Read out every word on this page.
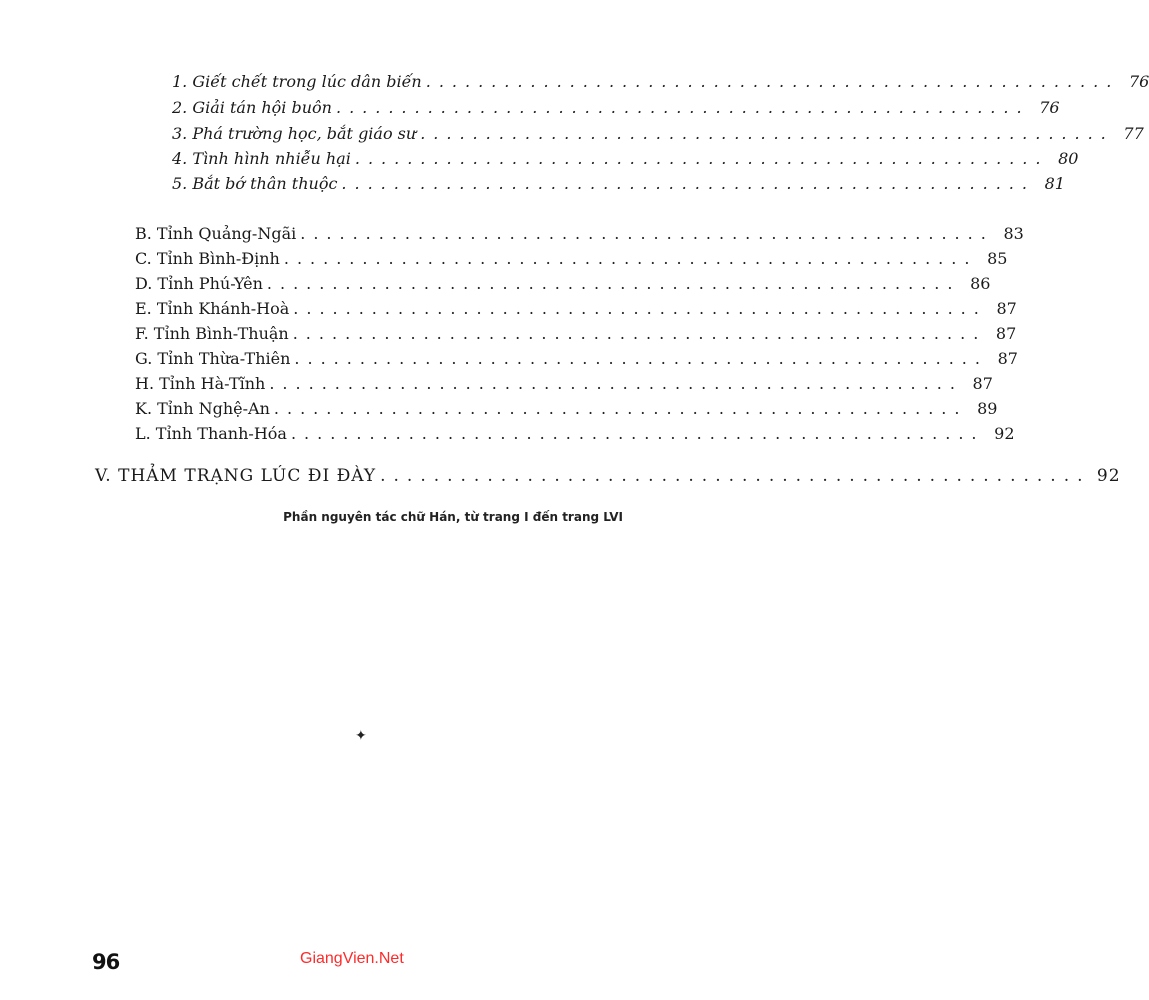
1. Giết chết trong lúc dân biến ..................................................... 76
2. Giải tán hội buôn ..................................................... 76
3. Phá trường học, bắt giáo sư ..................................................... 77
4. Tình hình nhiễu hại ..................................................... 80
5. Bắt bớ thân thuộc ..................................................... 81
B. Tỉnh Quảng-Ngãi ..................................................... 83
C. Tỉnh Bình-Định ..................................................... 85
D. Tỉnh Phú-Yên ..................................................... 86
E. Tỉnh Khánh-Hoà ..................................................... 87
F. Tỉnh Bình-Thuận ..................................................... 87
G. Tỉnh Thừa-Thiên ..................................................... 87
H. Tỉnh Hà-Tĩnh ..................................................... 87
K. Tỉnh Nghệ-An ..................................................... 89
L. Tỉnh Thanh-Hóa ..................................................... 92
V. THẢM TRẠNG LÚC ĐI ĐÀY ..................................................... 92
Phần nguyên tác chữ Hán, từ trang I đến trang LVI
✦
96	GiangVien.Net
